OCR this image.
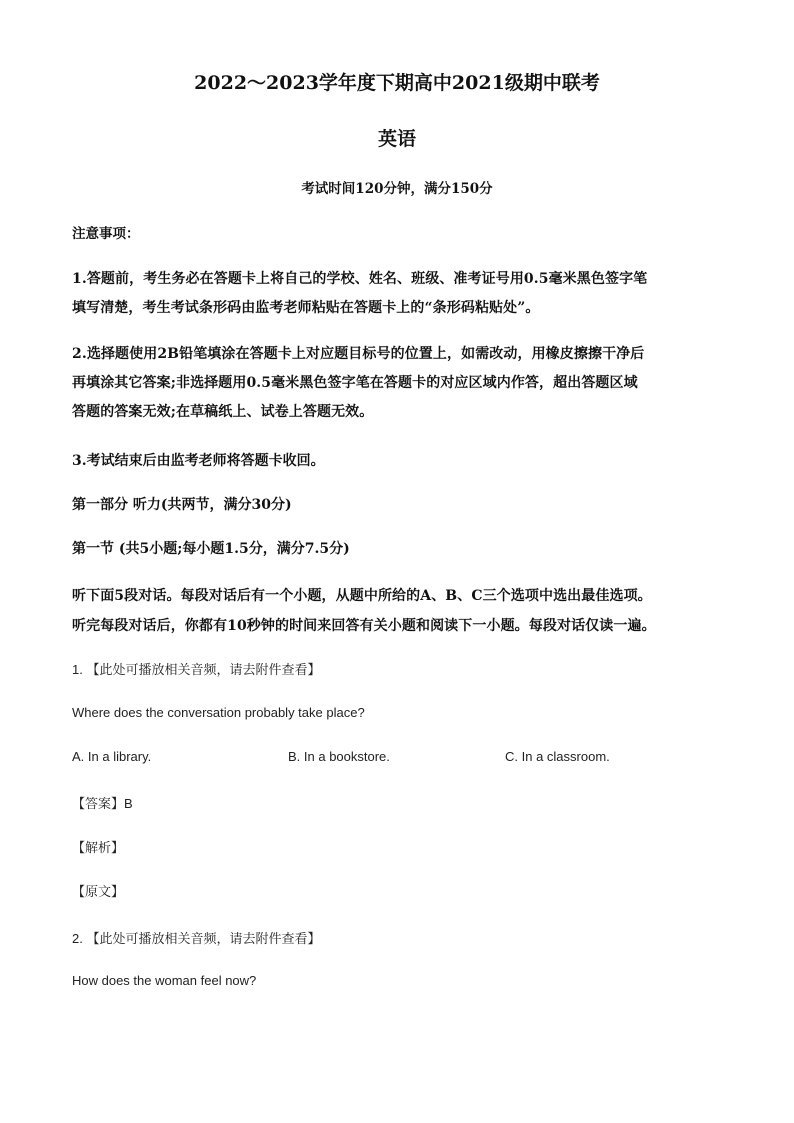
2022～2023学年度下期高中2021级期中联考
英语
考试时间120分钟，满分150分
注意事项：
1.答题前，考生务必在答题卡上将自己的学校、姓名、班级、准考证号用0.5毫米黑色签字笔
填写清楚，考生考试条形码由监考老师粘贴在答题卡上的“条形码粘贴处”。
2.选择题使用2B铅笔填涂在答题卡上对应题目标号的位置上，如需改动，用橡皮擦擦干净后
再填涂其它答案;非选择题用0.5毫米黑色签字笔在答题卡的对应区域内作答，超出答题区域
答题的答案无效;在草稿纸上、试卷上答题无效。
3.考试结束后由监考老师将答题卡收回。
第一部分 听力(共两节，满分30分)
第一节 (共5小题;每小题1.5分，满分7.5分)
听下面5段对话。每段对话后有一个小题，从题中所给的A、B、C三个选项中选出最佳选项。
听完每段对话后，你都有10秒钟的时间来回答有关小题和阅读下一小题。每段对话仅读一遍。
1. 【此处可播放相关音频，请去附件查看】
Where does the conversation probably take place?
A. In a library.	B. In a bookstore.	C. In a classroom.
【答案】B
【解析】
【原文】
2. 【此处可播放相关音频，请去附件查看】
How does the woman feel now?
